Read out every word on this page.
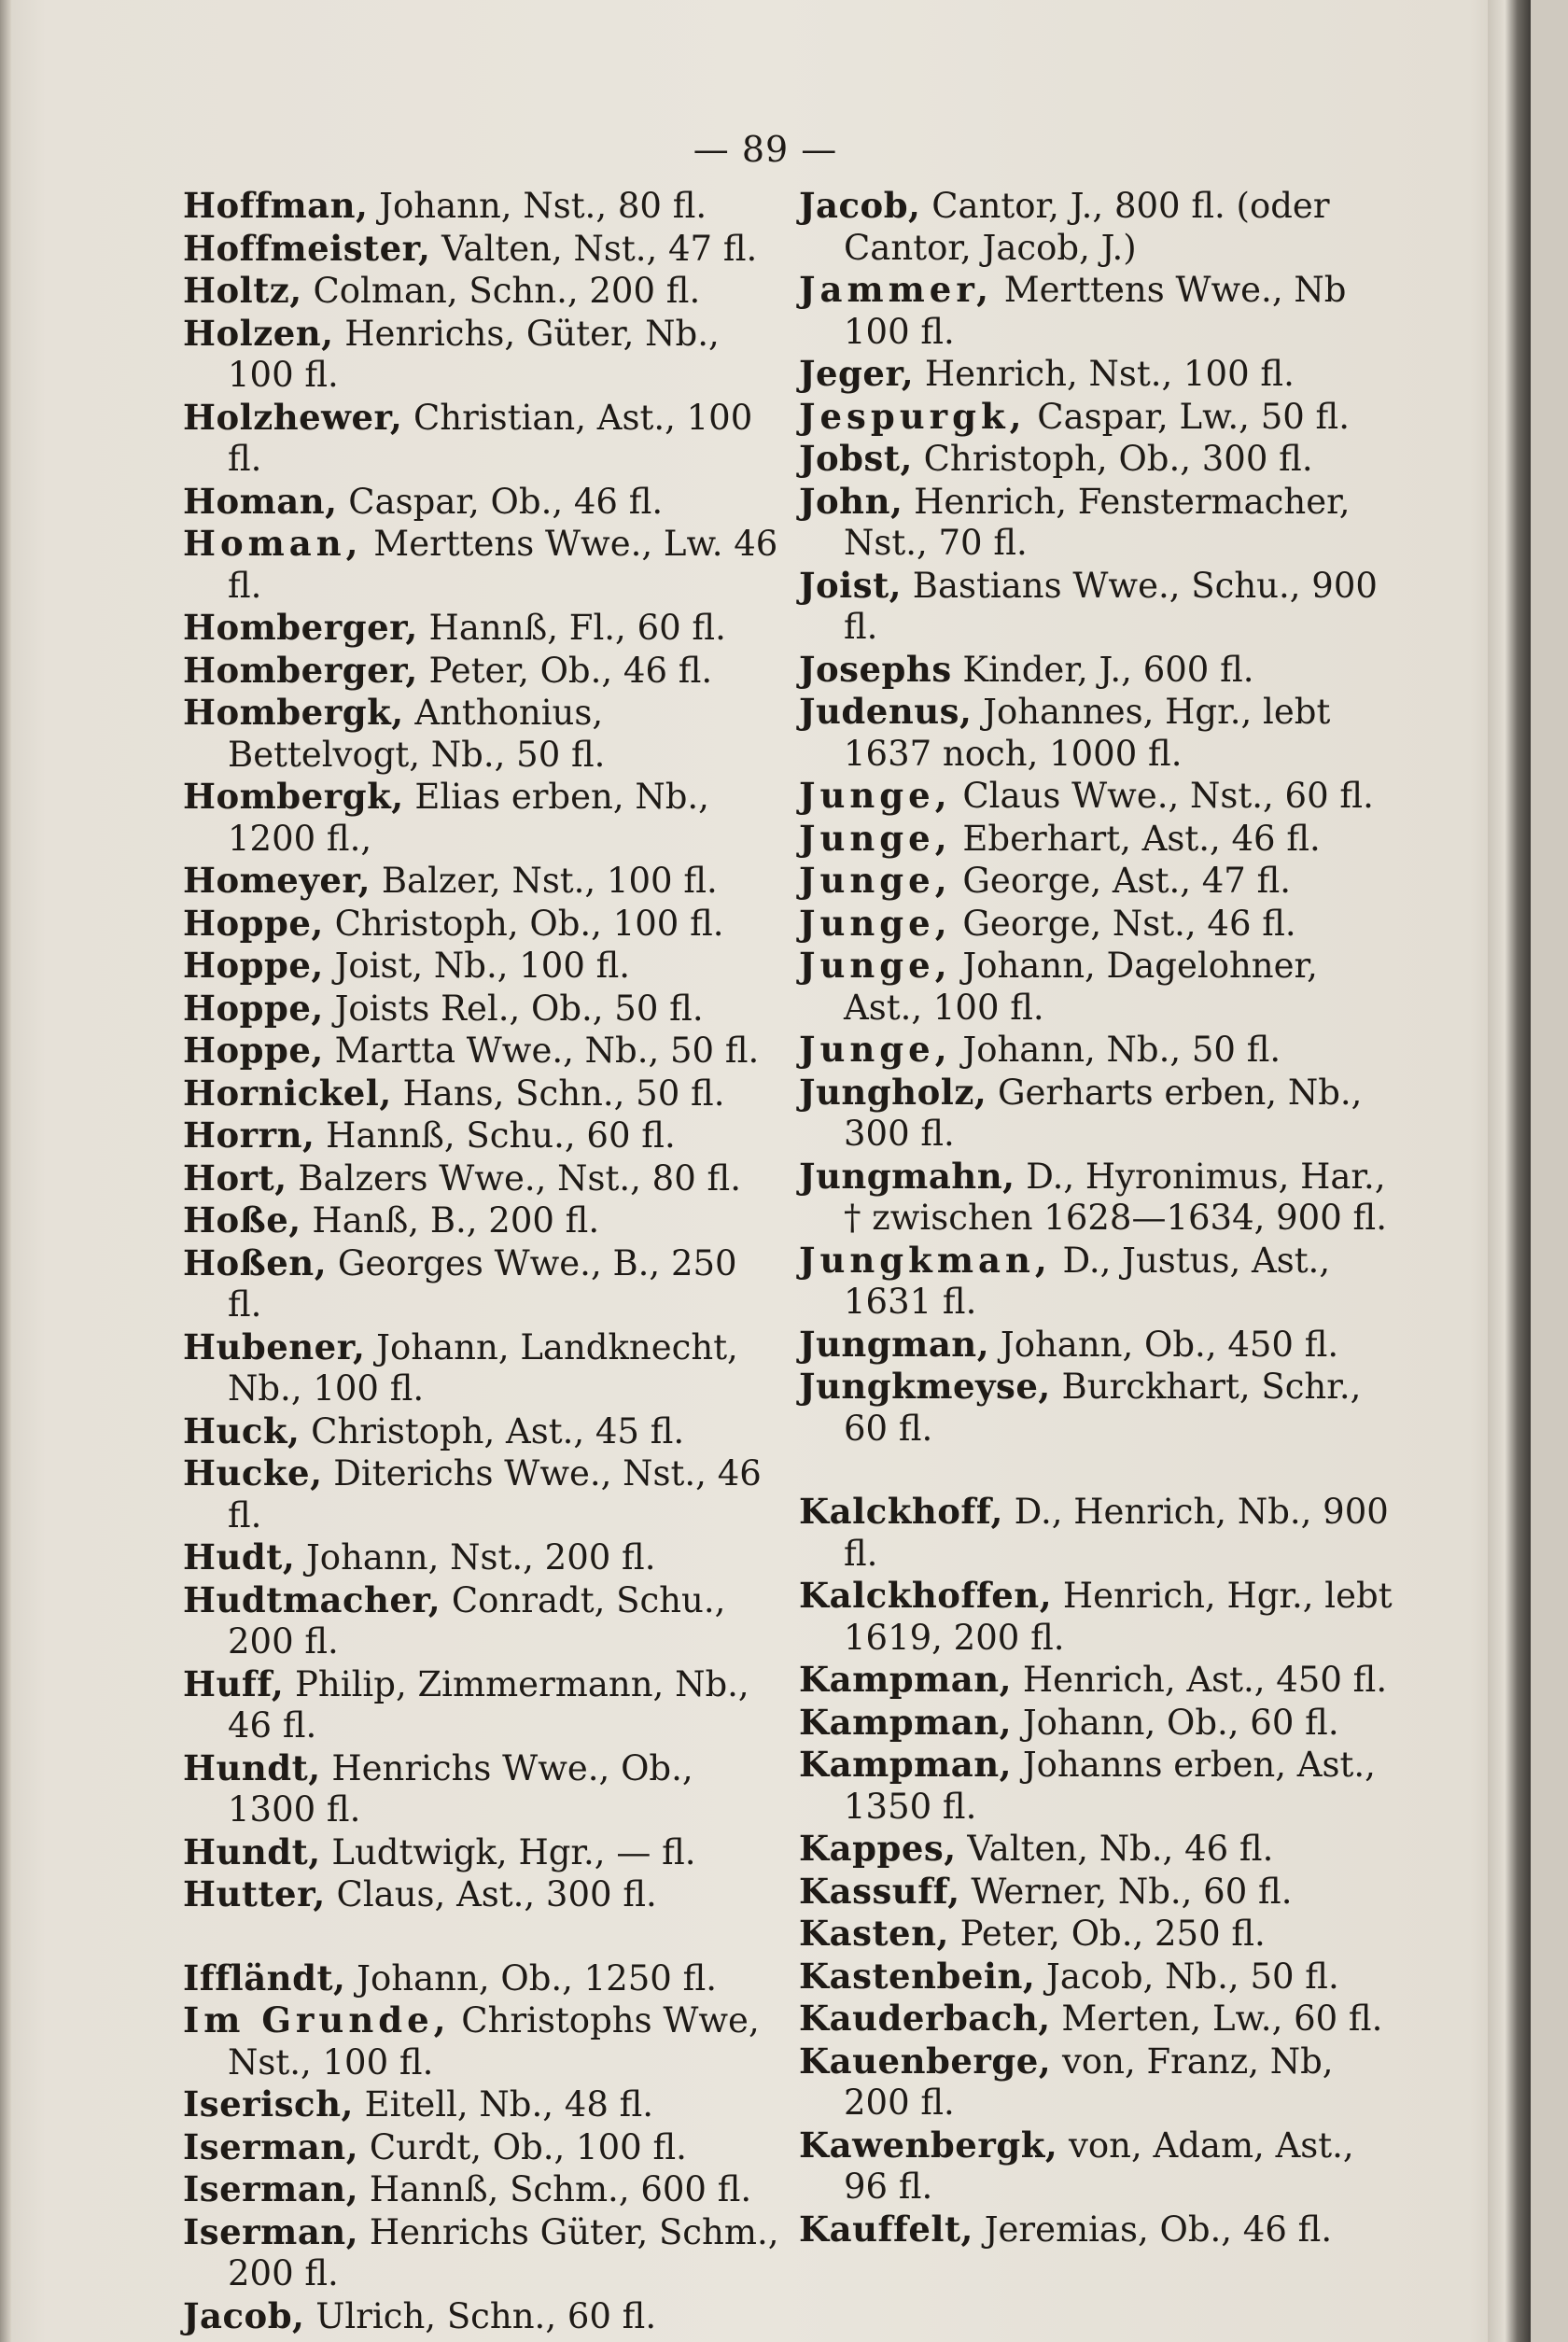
— 89 —

Hoffman, Johann, Nst., 80 fl.

Hoffmeister, Valten, Nst., 47 fl.

Holtz, Colman, Schn., 200 fl.

Holzen, Henrichs, Güter, Nb., 100 fl.

Holzhewer, Christian, Ast., 100 fl.

Homan, Caspar, Ob., 46 fl.

Homan, Merttens Wwe., Lw. 46 fl.

Homberger, Hannß, Fl., 60 fl.

Homberger, Peter, Ob., 46 fl.

Hombergk, Anthonius, Bettelvogt, Nb., 50 fl.

Hombergk, Elias erben, Nb., 1200 fl.,

Homeyer, Balzer, Nst., 100 fl.

Hoppe, Christoph, Ob., 100 fl.

Hoppe, Joist, Nb., 100 fl.

Hoppe, Joists Rel., Ob., 50 fl.

Hoppe, Martta Wwe., Nb., 50 fl.

Hornickel, Hans, Schn., 50 fl.

Horrn, Hannß, Schu., 60 fl.

Hort, Balzers Wwe., Nst., 80 fl.

Hoße, Hanß, B., 200 fl.

Hoßen, Georges Wwe., B., 250 fl.

Hubener, Johann, Landknecht, Nb., 100 fl.

Huck, Christoph, Ast., 45 fl.

Hucke, Diterichs Wwe., Nst., 46 fl.

Hudt, Johann, Nst., 200 fl.

Hudtmacher, Conradt, Schu., 200 fl.

Huff, Philip, Zimmermann, Nb., 46 fl.

Hundt, Henrichs Wwe., Ob., 1300 fl.

Hundt, Ludtwigk, Hgr., — fl.

Hutter, Claus, Ast., 300 fl.

Iffländt, Johann, Ob., 1250 fl.

Im Grunde, Christophs Wwe, Nst., 100 fl.

Iserisch, Eitell, Nb., 48 fl.

Iserman, Curdt, Ob., 100 fl.

Iserman, Hannß, Schm., 600 fl.

Iserman, Henrichs Güter, Schm., 200 fl.

Jacob, Ulrich, Schn., 60 fl.

Jacob, Cantor, J., 800 fl. (oder Cantor, Jacob, J.)

Jammer, Merttens Wwe., Nb 100 fl.

Jeger, Henrich, Nst., 100 fl.

Jespurgk, Caspar, Lw., 50 fl.

Jobst, Christoph, Ob., 300 fl.

John, Henrich, Fenstermacher, Nst., 70 fl.

Joist, Bastians Wwe., Schu., 900 fl.

Josephs Kinder, J., 600 fl.

Judenus, Johannes, Hgr., lebt 1637 noch, 1000 fl.

Junge, Claus Wwe., Nst., 60 fl.

Junge, Eberhart, Ast., 46 fl.

Junge, George, Ast., 47 fl.

Junge, George, Nst., 46 fl.

Junge, Johann, Dagelohner, Ast., 100 fl.

Junge, Johann, Nb., 50 fl.

Jungholz, Gerharts erben, Nb., 300 fl.

Jungmahn, D., Hyronimus, Har., † zwischen 1628—1634, 900 fl.

Jungkman, D., Justus, Ast., 1631 fl.

Jungman, Johann, Ob., 450 fl.

Jungkmeyse, Burckhart, Schr., 60 fl.

Kalckhoff, D., Henrich, Nb., 900 fl.

Kalckhoffen, Henrich, Hgr., lebt 1619, 200 fl.

Kampman, Henrich, Ast., 450 fl.

Kampman, Johann, Ob., 60 fl.

Kampman, Johanns erben, Ast., 1350 fl.

Kappes, Valten, Nb., 46 fl.

Kassuff, Werner, Nb., 60 fl.

Kasten, Peter, Ob., 250 fl.

Kastenbein, Jacob, Nb., 50 fl.

Kauderbach, Merten, Lw., 60 fl.

Kauenberge, von, Franz, Nb, 200 fl.

Kawenbergk, von, Adam, Ast., 96 fl.

Kauffelt, Jeremias, Ob., 46 fl.
